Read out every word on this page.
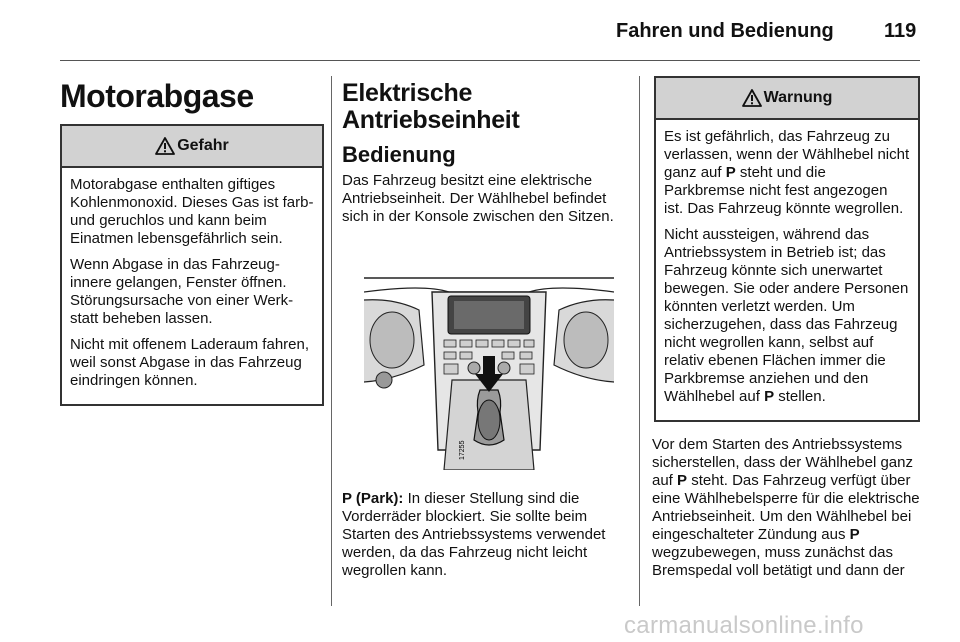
Fahren und Bedienung	119
Motorabgase
Gefahr

Motorabgase enthalten giftiges Kohlenmonoxid. Dieses Gas ist farb- und geruchlos und kann beim Einatmen lebensgefährlich sein.

Wenn Abgase in das Fahrzeuginnere gelangen, Fenster öffnen. Störungsursache von einer Werkstatt beheben lassen.

Nicht mit offenem Laderaum fahren, weil sonst Abgase in das Fahrzeug eindringen können.

Elektrische Antriebseinheit
Bedienung
Das Fahrzeug besitzt eine elektrische Antriebseinheit. Der Wählhebel befindet sich in der Konsole zwischen den Sitzen.
17255
P (Park): In dieser Stellung sind die Vorderräder blockiert. Sie sollte beim Starten des Antriebssystems verwendet werden, da das Fahrzeug nicht leicht wegrollen kann.
Warnung

Es ist gefährlich, das Fahrzeug zu verlassen, wenn der Wählhebel nicht ganz auf P steht und die Parkbremse nicht fest angezogen ist. Das Fahrzeug könnte wegrollen.

Nicht aussteigen, während das Antriebssystem in Betrieb ist; das Fahrzeug könnte sich unerwartet bewegen. Sie oder andere Personen könnten verletzt werden. Um sicherzugehen, dass das Fahrzeug nicht wegrollen kann, selbst auf relativ ebenen Flächen immer die Parkbremse anziehen und den Wählhebel auf P stellen.

Vor dem Starten des Antriebssystems sicherstellen, dass der Wählhebel ganz auf P steht. Das Fahrzeug verfügt über eine Wählhebelsperre für die elektrische Antriebseinheit. Um den Wählhebel bei eingeschalteter Zündung aus P wegzubewegen, muss zunächst das Bremspedal voll betätigt und dann der
carmanualsonline.info
